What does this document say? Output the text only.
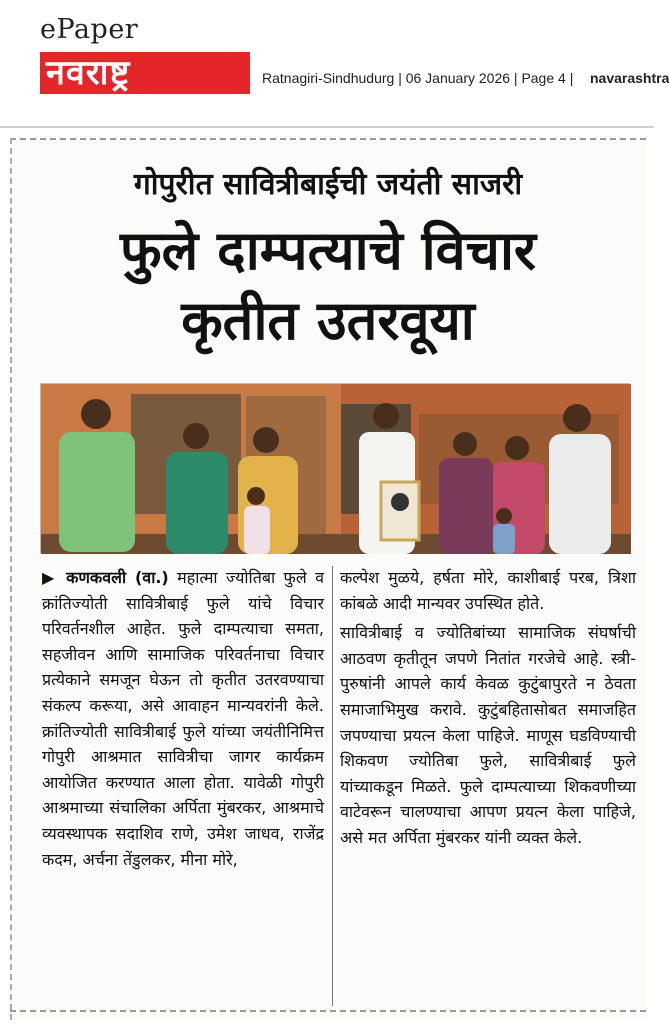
ePaper
नवराष्ट्र	Ratnagiri-Sindhudurg | 06 January 2026 | Page 4 | navarashtra
गोपुरीत सावित्रीबाईची जयंती साजरी
फुले दाम्पत्याचे विचार
कृतीत उतरवूया

▶ कणकवली (वा.) महात्मा ज्योतिबा फुले व क्रांतिज्योती सावित्रीबाई फुले यांचे विचार परिवर्तनशील आहेत. फुले दाम्पत्याचा समता, सहजीवन आणि सामाजिक परिवर्तनाचा विचार प्रत्येकाने समजून घेऊन तो कृतीत उतरवण्याचा संकल्प करूया, असे आवाहन मान्यवरांनी केले. क्रांतिज्योती सावित्रीबाई फुले यांच्या जयंतीनिमित्त गोपुरी आश्रमात सावित्रीचा जागर कार्यक्रम आयोजित करण्यात आला होता. यावेळी गोपुरी आश्रमाच्या संचालिका अर्पिता मुंबरकर, आश्रमाचे व्यवस्थापक सदाशिव राणे, उमेश जाधव, राजेंद्र कदम, अर्चना तेंडुलकर, मीना मोरे,

कल्पेश मुळये, हर्षता मोरे, काशीबाई परब, त्रिशा कांबळे आदी मान्यवर उपस्थित होते.

सावित्रीबाई व ज्योतिबांच्या सामाजिक संघर्षाची आठवण कृतीतून जपणे नितांत गरजेचे आहे. स्त्री-पुरुषांनी आपले कार्य केवळ कुटुंबापुरते न ठेवता समाजाभिमुख करावे. कुटुंबहितासोबत समाजहित जपण्याचा प्रयत्न केला पाहिजे. माणूस घडविण्याची शिकवण ज्योतिबा फुले, सावित्रीबाई फुले यांच्याकडून मिळते. फुले दाम्पत्याच्या शिकवणीच्या वाटेवरून चालण्याचा आपण प्रयत्न केला पाहिजे, असे मत अर्पिता मुंबरकर यांनी व्यक्त केले.
